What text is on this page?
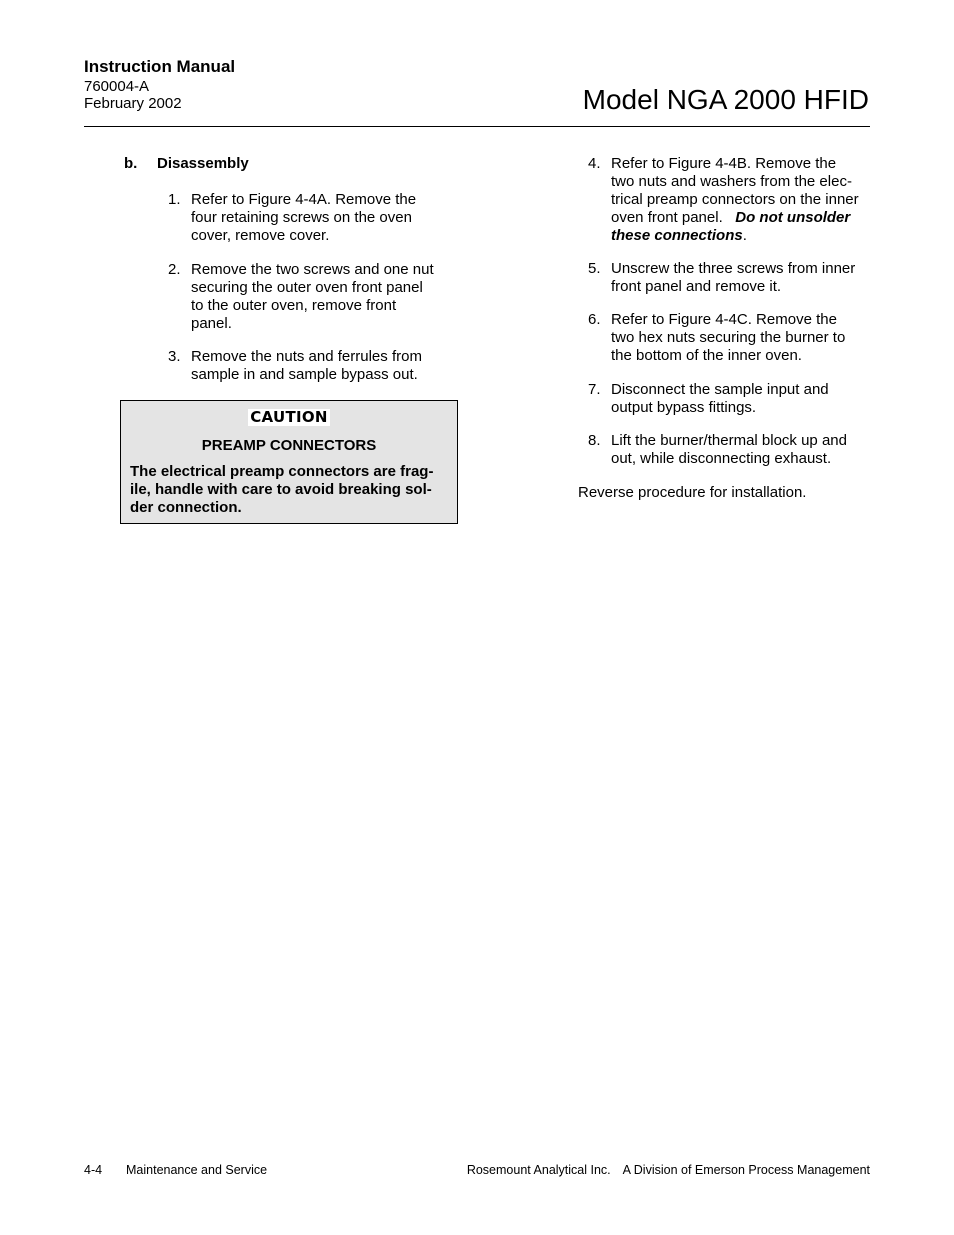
Instruction Manual
760004-A
February 2002	Model NGA 2000 HFID
b. Disassembly
1. Refer to Figure 4-4A. Remove the
four retaining screws on the oven
cover, remove cover.
2. Remove the two screws and one nut
securing the outer oven front panel
to the outer oven, remove front
panel.
3. Remove the nuts and ferrules from
sample in and sample bypass out.
CAUTION
PREAMP CONNECTORS
The electrical preamp connectors are frag-
ile, handle with care to avoid breaking sol-
der connection.
4. Refer to Figure 4-4B. Remove the
two nuts and washers from the elec-
trical preamp connectors on the inner
oven front panel.   Do not unsolder
these connections.
5. Unscrew the three screws from inner
front panel and remove it.
6. Refer to Figure 4-4C. Remove the
two hex nuts securing the burner to
the bottom of the inner oven.
7. Disconnect the sample input and
output bypass fittings.
8. Lift the burner/thermal block up and
out, while disconnecting exhaust.
Reverse procedure for installation.
4-4 Maintenance and Service	Rosemount Analytical Inc. A Division of Emerson Process Management
